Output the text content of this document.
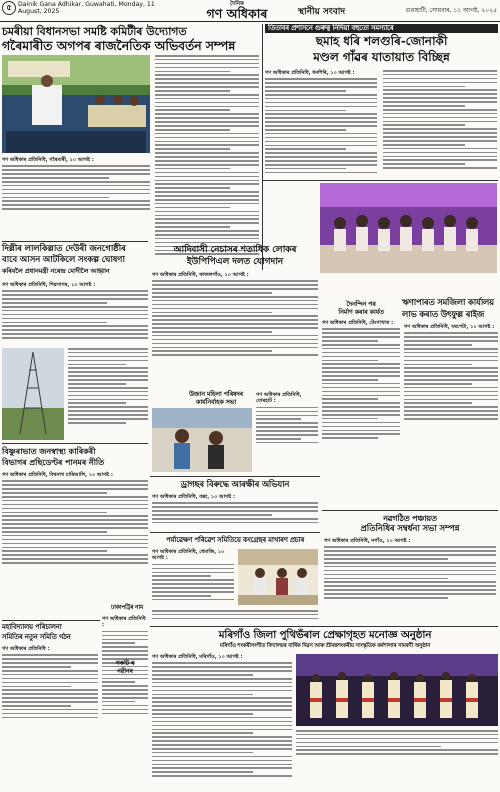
৫	Dainik Gana Adhikar, Guwahati, Monday, 11 August, 2025
দৈনিক
গণ অধিকাৰ	স্থানীয় সংবাদ	গুৱাহাটী, সোমবাৰ, ১১ আগষ্ট, ২০২৫
চমৰীয়া বিধানসভা সমষ্টি কমিটীৰ উদ্যোগত
গৰৈমাৰীত অগপৰ ৰাজনৈতিক অভিবৰ্তন সম্পন্ন
গণ অধিকাৰ প্ৰতিনিধি, গৰৈমাৰী, ১০ আগষ্ট :
তিতাবৰ প্ৰশাসনে গুৰুত্ব নিদিয়া বহুতো সমস্যাৰে
ছমাহ ধৰি শলগুৰি-জোনাকী
মণ্ডল গাঁৱৰ যাতায়াত বিচ্ছিন্ন
গণ অধিকাৰ প্ৰতিনিধি, ধনশিৰি, ১০ আগষ্ট :
আদিবাসী নেচাসৰ শতাধিক লোকৰ
ইউপিপিএল দলত যোগদান
গণ অধিকাৰ প্ৰতিনিধি, কাজলগাঁও, ১০ আগষ্ট :
দিল্লীৰ লালকিল্লাত দেউৰী জনগোষ্ঠীৰ
বাবে আসন আটকিলে সংকল্প ঘোষণা
কৰিবলৈ প্ৰধানমন্ত্ৰী নৰেন্দ্ৰ মোদীলৈ আহ্বান
গণ অধিকাৰ প্ৰতিনিধি, শিৱসাগৰ, ১০ আগষ্ট :
উজান মহিলা পৰিষদৰ
কাৰ্যনিৰ্বাহক সভা
গণ অধিকাৰ প্ৰতিনিধি, যোৰহাট :
দৈনন্দিন পৰ
নিৰ্মাণ কৰাৰ কাৰ্যত
গণ অধিকাৰ প্ৰতিনিধি, টেংগাখাত :
ঋণাপাৰত সমজিলা কাৰ্যালয়
লাভ কৰাত উৎফুল্ল ৰাইজ
গণ অধিকাৰ প্ৰতিনিধি, বৰপেটা, ১০ আগষ্ট :
ড্ৰাগছৰ বিৰুদ্ধে আৰক্ষীৰ অভিযান
গণ অধিকাৰ প্ৰতিনিধি, বক্সা, ১০ আগষ্ট :
বিষ্ণুৰাভাত জনস্বাস্থ্য কাৰিকৰী
বিভাগৰ প্ৰছিডেণ্টৰ পানমৰ নীতি
গণ অধিকাৰ প্ৰতিনিধি, বিশ্বনাথ চাৰিআলি, ১০ আগষ্ট :
পৰ্যাৱেক্ষণ পৰিৱেশ সমিতিয়ে কংগ্ৰেছৰ মাখাৰণ প্ৰচাৰ
গণ অধিকাৰ প্ৰতিনিধি, ধেমাজি, ১০ আগষ্ট :
নৱগঠিত পঞ্চায়ত
প্ৰতিনিধিৰ সম্বৰ্ধনা সভা সম্পন্ন
গণ অধিকাৰ প্ৰতিনিধি, নগাঁও, ১০ আগষ্ট :
মহাবিদ্যালয় পৰিচালনা
সমিতিৰ নতুন সমিতি গঠন
গণ অধিকাৰ প্ৰতিনিধি :
ঢাকাপট্টিৰ নাম
গণ অধিকাৰ প্ৰতিনিধি :
সৰুটি ৰ
নৱীনৰ
মৰিগাঁও জিলা পুথিভঁৰাল প্ৰেক্ষাগৃহত মনোজ্ঞ অনুষ্ঠান
মৰিগাঁও শংকৰীসংগীত বিদ্যালয়ৰ বাৰ্ষিক দিৱস আৰু শ্ৰীমন্তশংকৰীয় সাংস্কৃতিক কৰ্মশালাৰ সামৰণী অনুষ্ঠান
গণ অধিকাৰ প্ৰতিনিধি, মৰিগাঁও, ১০ আগষ্ট :
